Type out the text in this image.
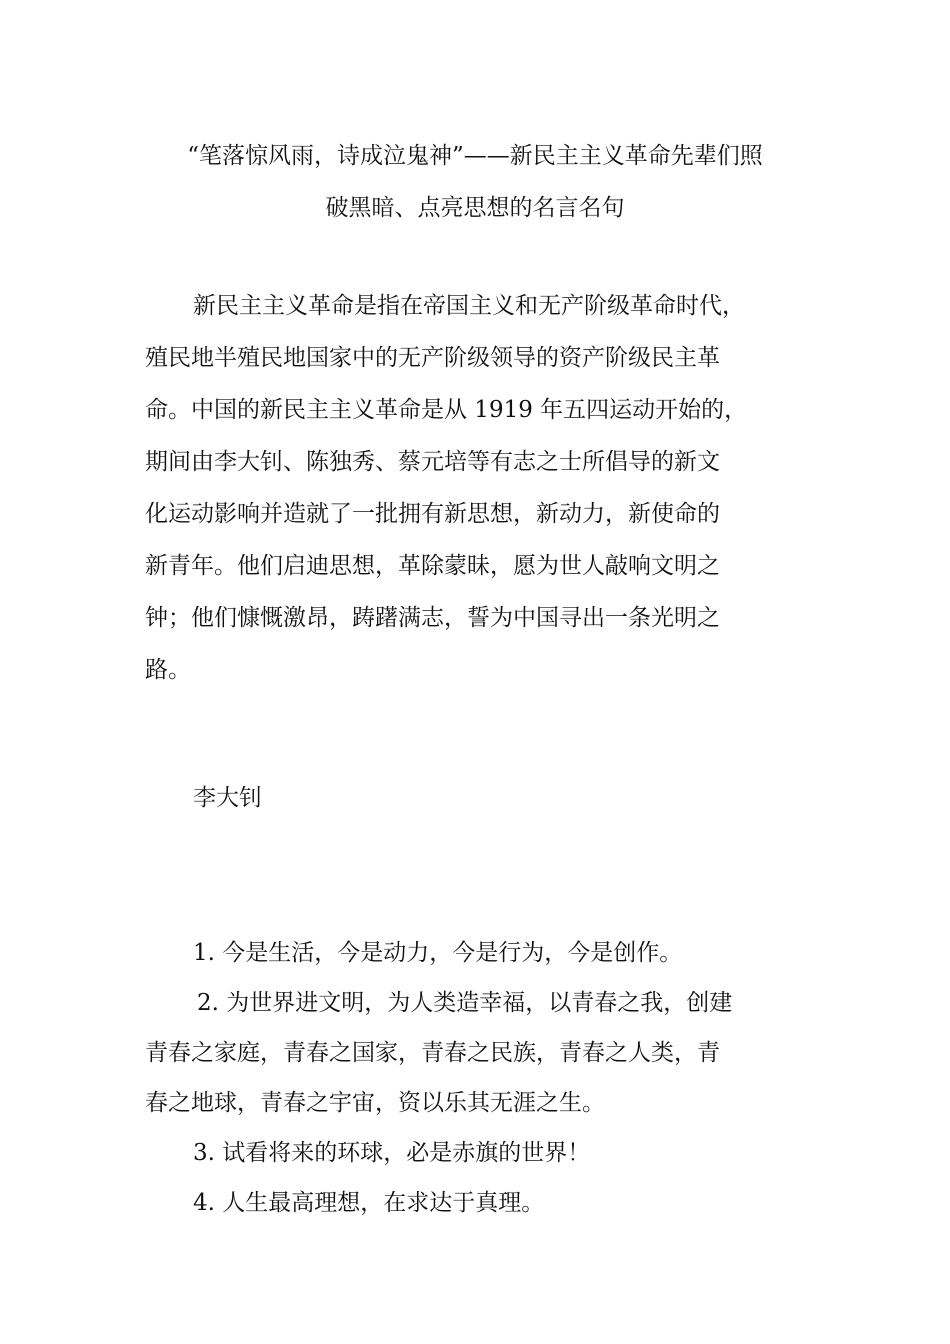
“笔落惊风雨，诗成泣鬼神”——新民主主义革命先辈们照
破黑暗、点亮思想的名言名句
新民主主义革命是指在帝国主义和无产阶级革命时代，
殖民地半殖民地国家中的无产阶级领导的资产阶级民主革
命。中国的新民主主义革命是从 1919 年五四运动开始的，
期间由李大钊、陈独秀、蔡元培等有志之士所倡导的新文
化运动影响并造就了一批拥有新思想，新动力，新使命的
新青年。他们启迪思想，革除蒙昧，愿为世人敲响文明之
钟；他们慷慨激昂，踌躇满志，誓为中国寻出一条光明之
路。
李大钊
1. 今是生活，今是动力，今是行为，今是创作。
2. 为世界进文明，为人类造幸福，以青春之我，创建
青春之家庭，青春之国家，青春之民族，青春之人类，青
春之地球，青春之宇宙，资以乐其无涯之生。
3. 试看将来的环球，必是赤旗的世界！
4. 人生最高理想，在求达于真理。
